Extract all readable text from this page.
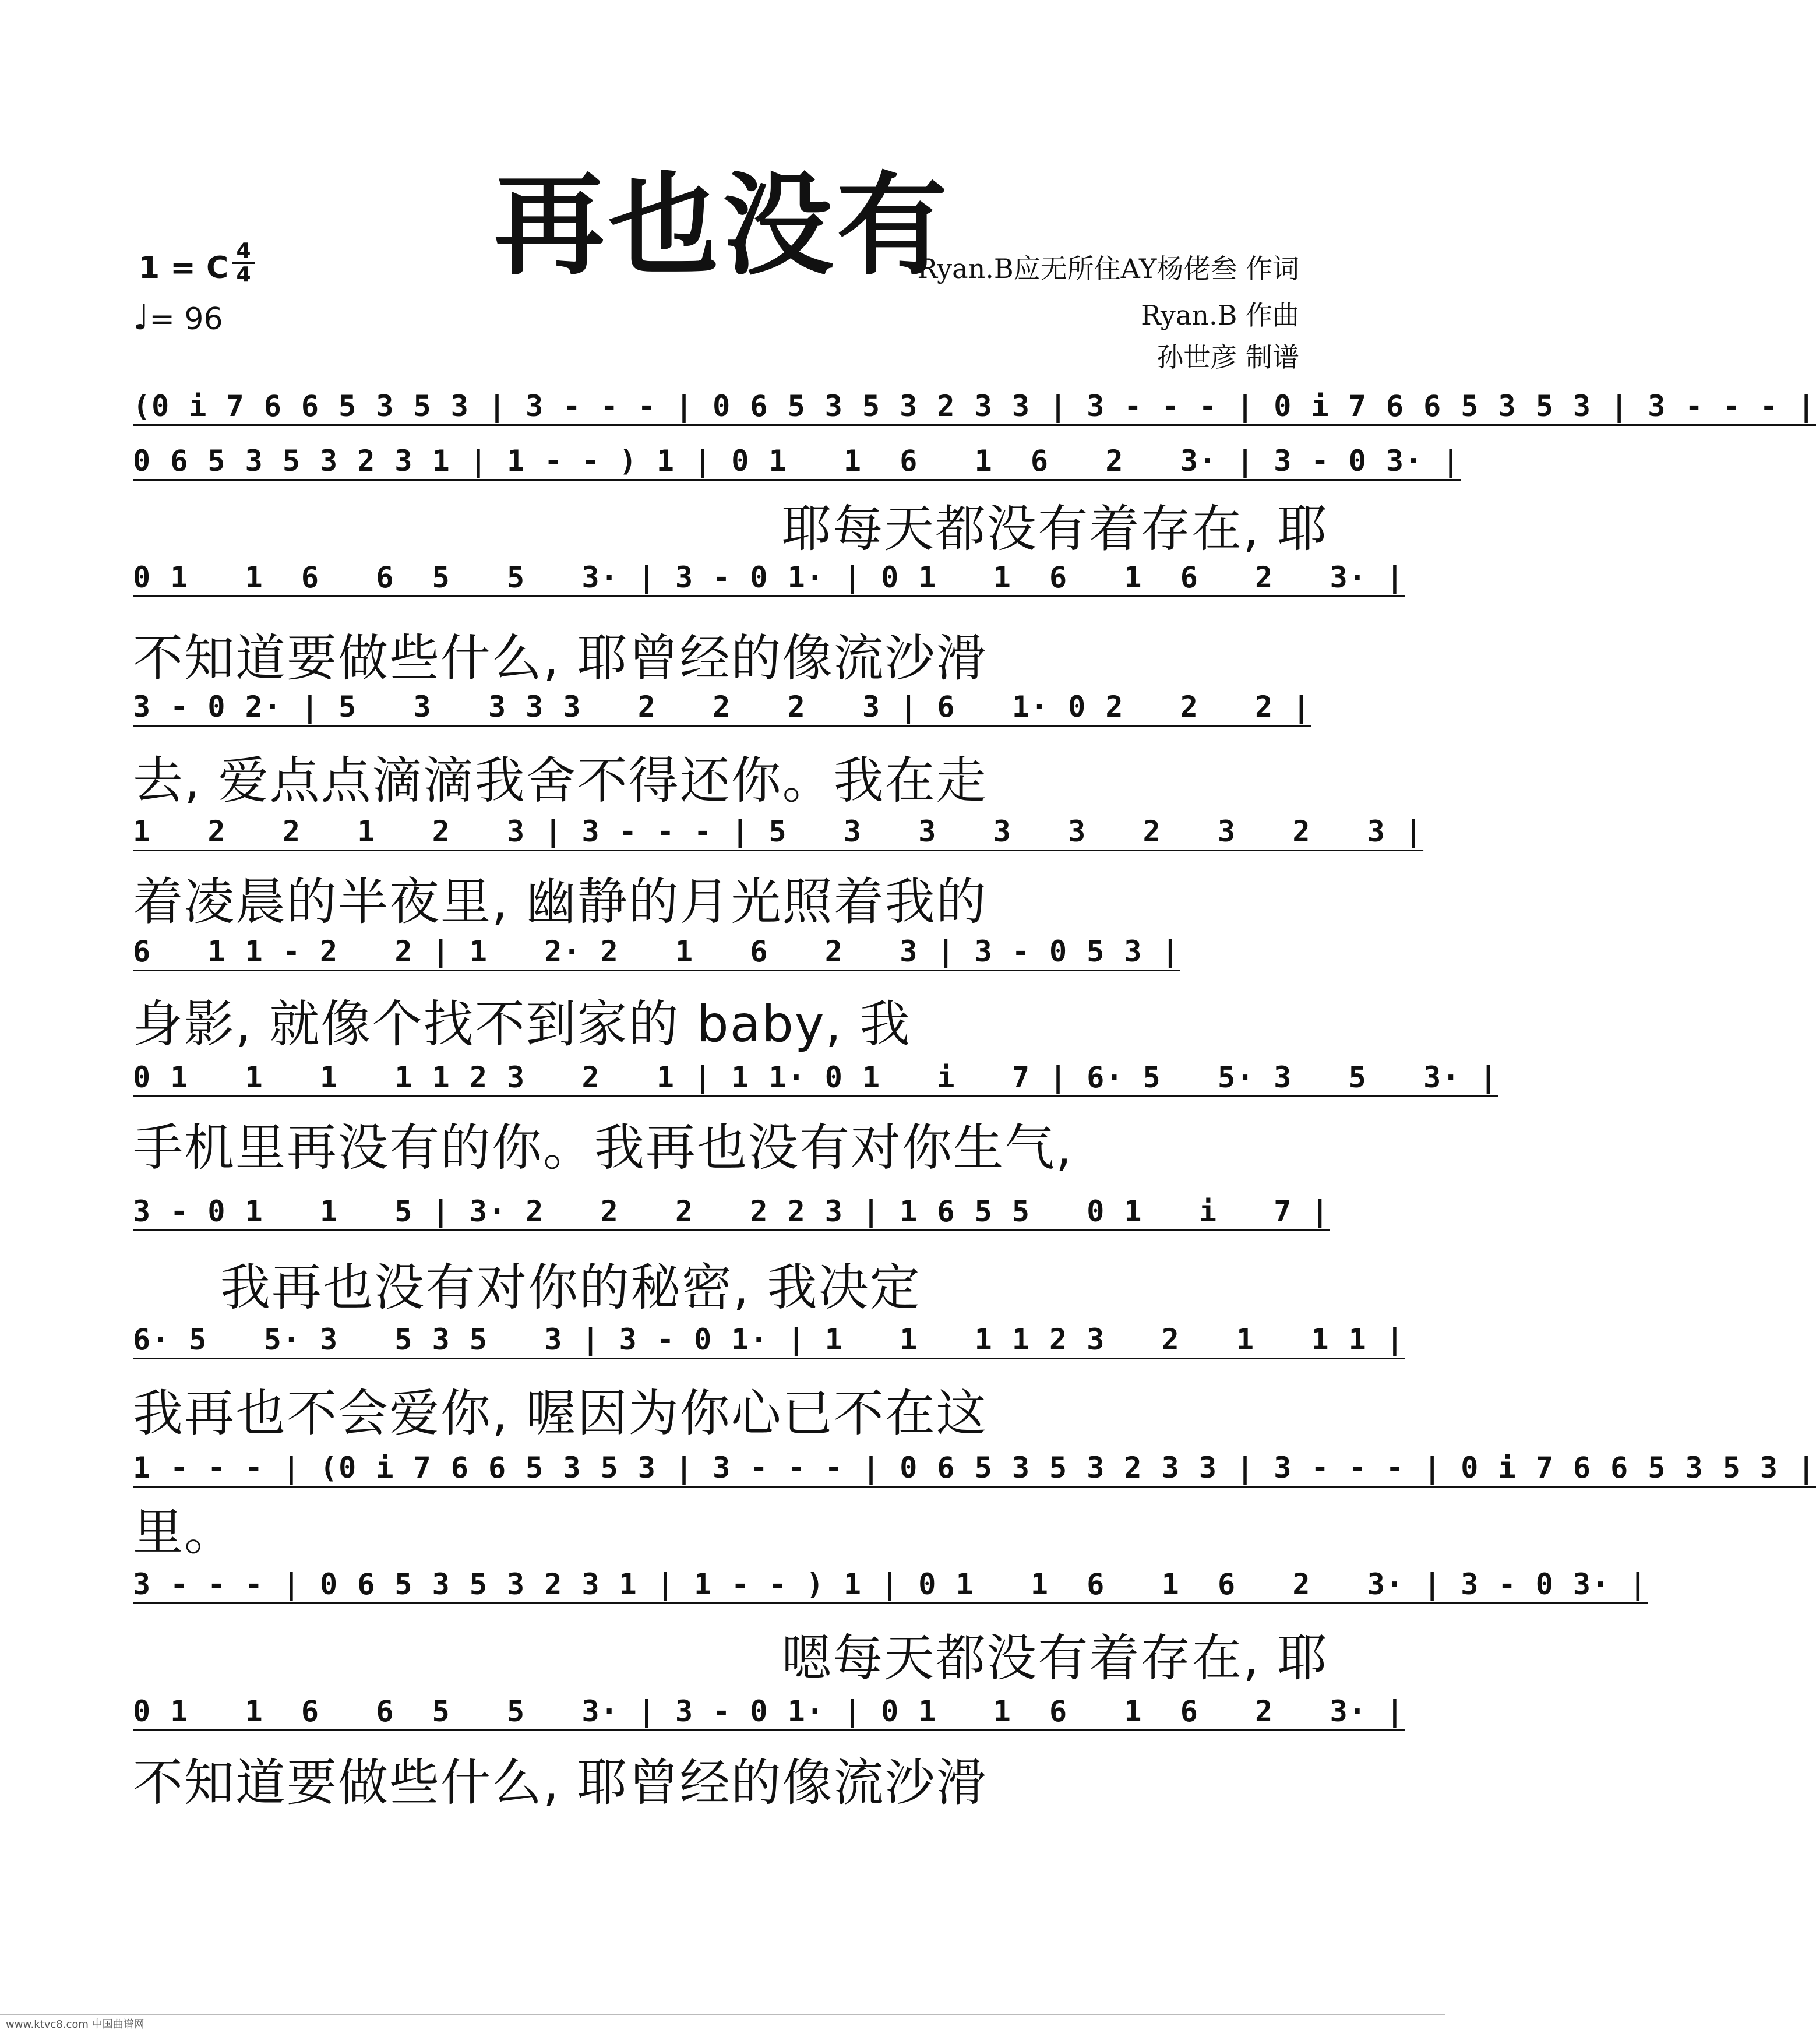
再也没有
1 = C $\frac{4}{4}$
♩= 96
Ryan.B应无所住AY杨佬叁 作词
Ryan.B 作曲
孙世彦 制谱
(0 i 7 6 6 5 3 5 3 | 3 - - - | 0 6 5 3 5 3 2 3 3 | 3 - - - | 0 i 7 6 6 5 3 5 3 | 3 - - - |
0 6 5 3 5 3 2 3 1 | 1 - - ) 1 | 0 1   1  6   1  6   2   3· | 3 - 0 3· |
耶每天都没有着存在, 耶
0 1   1  6   6  5   5   3· | 3 - 0 1· | 0 1   1  6   1  6   2   3· |
不知道要做些什么, 耶曾经的像流沙滑
3 - 0 2· | 5   3   3 3 3   2   2   2   3 | 6   1· 0 2   2   2 |
去, 爱点点滴滴我舍不得还你。我在走
1   2   2   1   2   3 | 3 - - - | 5   3   3   3   3   2   3   2   3 |
着凌晨的半夜里, 幽静的月光照着我的
6   1 1 - 2   2 | 1   2· 2   1   6   2   3 | 3 - 0 5 3 |
身影, 就像个找不到家的 baby, 我
0 1   1   1   1 1 2 3   2   1 | 1 1· 0 1   i   7 | 6· 5   5· 3   5   3· |
手机里再没有的你。我再也没有对你生气,
3 - 0 1   1   5 | 3· 2   2   2   2 2 3 | 1 6 5 5   0 1   i   7 |
我再也没有对你的秘密, 我决定
6· 5   5· 3   5 3 5   3 | 3 - 0 1· | 1   1   1 1 2 3   2   1   1 1 |
我再也不会爱你, 喔因为你心已不在这
1 - - - | (0 i 7 6 6 5 3 5 3 | 3 - - - | 0 6 5 3 5 3 2 3 3 | 3 - - - | 0 i 7 6 6 5 3 5 3 |
里。
3 - - - | 0 6 5 3 5 3 2 3 1 | 1 - - ) 1 | 0 1   1  6   1  6   2   3· | 3 - 0 3· |
嗯每天都没有着存在, 耶
0 1   1  6   6  5   5   3· | 3 - 0 1· | 0 1   1  6   1  6   2   3· |
不知道要做些什么, 耶曾经的像流沙滑
www.ktvc8.com 中国曲谱网
